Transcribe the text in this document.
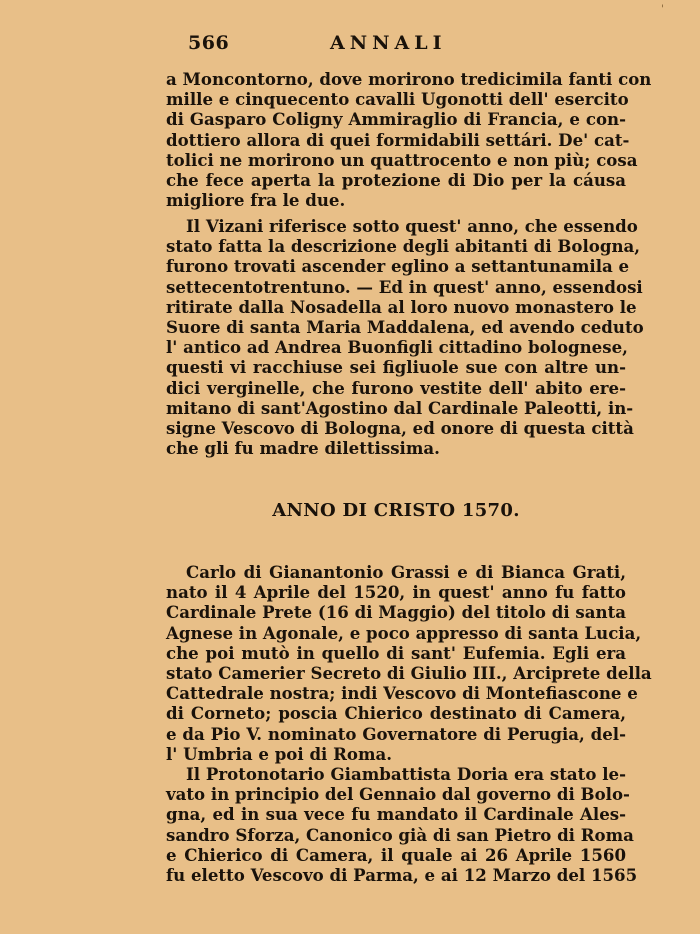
'
566	ANNALI
a Moncontorno, dove morirono tredicimila fanti con
mille e cinquecento cavalli Ugonotti dell' esercito
di Gasparo Coligny Ammiraglio di Francia, e con-
dottiero allora di quei formidabili settári. De' cat-
tolici ne morirono un quattrocento e non più; cosa
che fece aperta la protezione di Dio per la cáusa
migliore fra le due.
Il Vizani riferisce sotto quest' anno, che essendo
stato fatta la descrizione degli abitanti di Bologna,
furono trovati ascender eglino a settantunamila e
settecentotrentuno. — Ed in quest' anno, essendosi
ritirate dalla Nosadella al loro nuovo monastero le
Suore di santa Maria Maddalena, ed avendo ceduto
l' antico ad Andrea Buonfigli cittadino bolognese,
questi vi racchiuse sei figliuole sue con altre un-
dici verginelle, che furono vestite dell' abito ere-
mitano di sant'Agostino dal Cardinale Paleotti, in-
signe Vescovo di Bologna, ed onore di questa città
che gli fu madre dilettissima.
ANNO DI CRISTO 1570.
Carlo di Gianantonio Grassi e di Bianca Grati,
nato il 4 Aprile del 1520, in quest' anno fu fatto
Cardinale Prete (16 di Maggio) del titolo di santa
Agnese in Agonale, e poco appresso di santa Lucia,
che poi mutò in quello di sant' Eufemia. Egli era
stato Camerier Secreto di Giulio III., Arciprete della
Cattedrale nostra; indi Vescovo di Montefiascone e
di Corneto; poscia Chierico destinato di Camera,
e da Pio V. nominato Governatore di Perugia, del-
l' Umbria e poi di Roma.
Il Protonotario Giambattista Doria era stato le-
vato in principio del Gennaio dal governo di Bolo-
gna, ed in sua vece fu mandato il Cardinale Ales-
sandro Sforza, Canonico già di san Pietro di Roma
e Chierico di Camera, il quale ai 26 Aprile 1560
fu eletto Vescovo di Parma, e ai 12 Marzo del 1565
